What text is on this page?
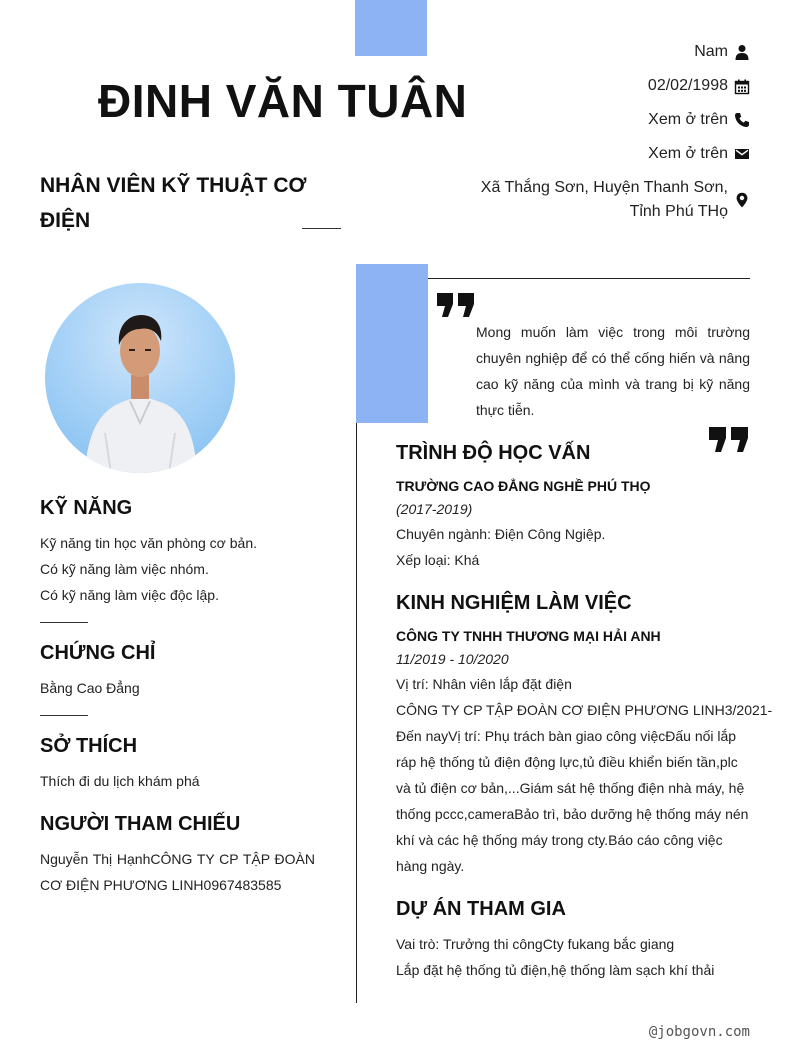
ĐINH VĂN TUÂN
NHÂN VIÊN KỸ THUẬT CƠ ĐIỆN
Nam
02/02/1998
Xem ở trên
Xem ở trên
Xã Thắng Sơn, Huyện Thanh Sơn,
Tỉnh Phú THọ
KỸ NĂNG
Kỹ năng tin học văn phòng cơ bản.
Có kỹ năng làm việc nhóm.
Có kỹ năng làm việc độc lập.
CHỨNG CHỈ
Bằng Cao Đẳng
SỞ THÍCH
Thích đi du lịch khám phá
NGƯỜI THAM CHIẾU
Nguyễn Thị HạnhCÔNG TY CP TẬP ĐOÀN
CƠ ĐIỆN PHƯƠNG LINH0967483585
Mong muốn làm việc trong môi trường chuyên nghiệp để có thể cống hiến và nâng cao kỹ năng của mình và trang bị kỹ năng thực tiễn.
TRÌNH ĐỘ HỌC VẤN
TRƯỜNG CAO ĐẲNG NGHỀ PHÚ THỌ
(2017-2019)
Chuyên ngành: Điện Công Ngiệp.
Xếp loại: Khá
KINH NGHIỆM LÀM VIỆC
CÔNG TY TNHH THƯƠNG MẠI HẢI ANH
11/2019 - 10/2020
Vị trí: Nhân viên lắp đặt điện
CÔNG TY CP TẬP ĐOÀN CƠ ĐIỆN PHƯƠNG LINH3/2021-
Đến nayVị trí: Phụ trách bàn giao công việcĐấu nối lắp
ráp hệ thống tủ điện động lực,tủ điều khiển biến tần,plc
và tủ điện cơ bản,...Giám sát hệ thống điện nhà máy, hệ
thống pccc,cameraBảo trì, bảo dưỡng hệ thống máy nén
khí và các hệ thống máy trong cty.Báo cáo công việc
hàng ngày.
DỰ ÁN THAM GIA
Vai trò: Trưởng thi côngCty fukang bắc giang
Lắp đặt hệ thống tủ điện,hệ thống làm sạch khí thải
@jobgovn.com
